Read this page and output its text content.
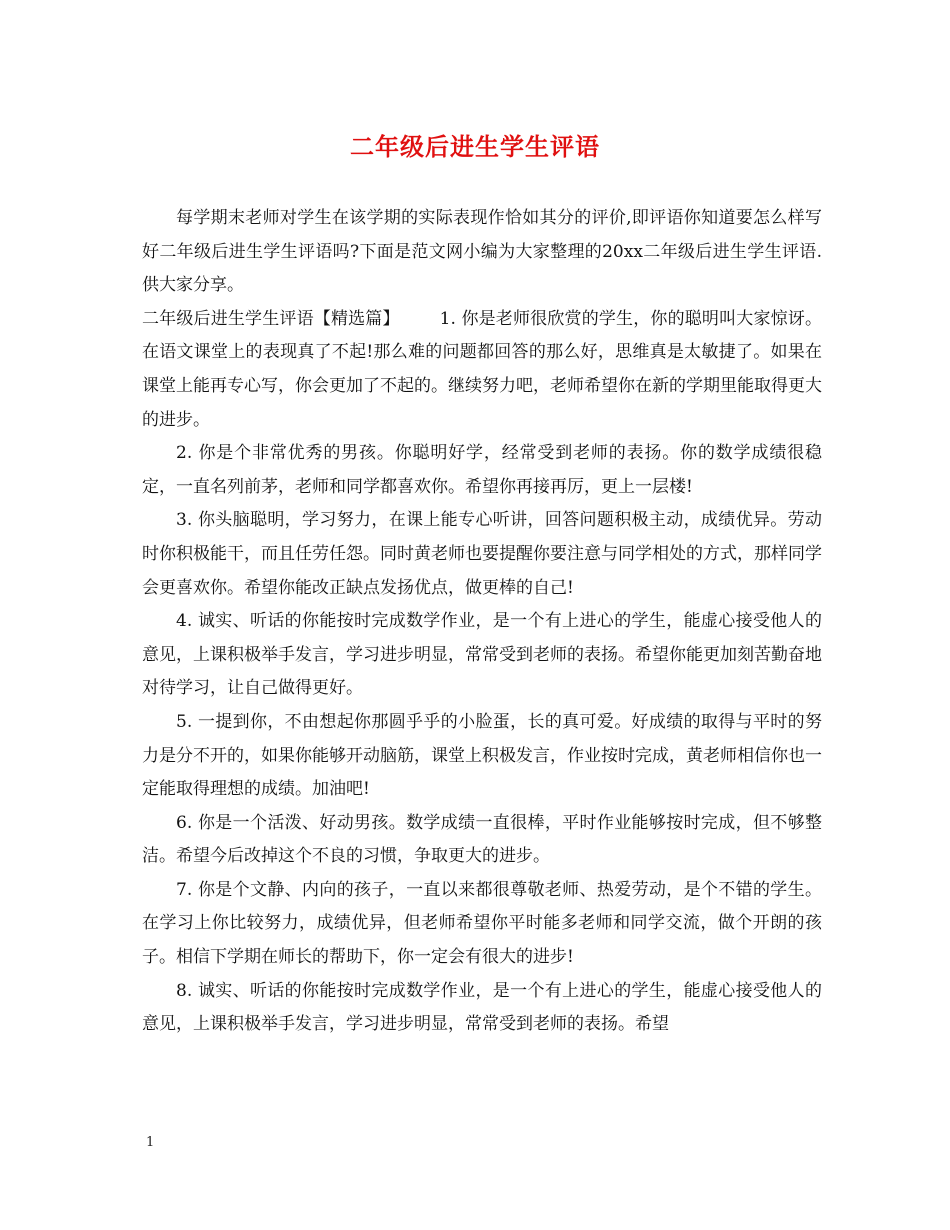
二年级后进生学生评语

每学期末老师对学生在该学期的实际表现作恰如其分的评价,即评语你知道要怎么样写好二年级后进生学生评语吗?下面是范文网小编为大家整理的20xx二年级后进生学生评语.供大家分享。

二年级后进生学生评语【精选篇】 1. 你是老师很欣赏的学生，你的聪明叫大家惊讶。在语文课堂上的表现真了不起!那么难的问题都回答的那么好，思维真是太敏捷了。如果在课堂上能再专心写，你会更加了不起的。继续努力吧，老师希望你在新的学期里能取得更大的进步。

2. 你是个非常优秀的男孩。你聪明好学，经常受到老师的表扬。你的数学成绩很稳定，一直名列前茅，老师和同学都喜欢你。希望你再接再厉，更上一层楼!

3. 你头脑聪明，学习努力，在课上能专心听讲，回答问题积极主动，成绩优异。劳动时你积极能干，而且任劳任怨。同时黄老师也要提醒你要注意与同学相处的方式，那样同学会更喜欢你。希望你能改正缺点发扬优点，做更棒的自己!

4. 诚实、听话的你能按时完成数学作业，是一个有上进心的学生，能虚心接受他人的意见，上课积极举手发言，学习进步明显，常常受到老师的表扬。希望你能更加刻苦勤奋地对待学习，让自己做得更好。

5. 一提到你，不由想起你那圆乎乎的小脸蛋，长的真可爱。好成绩的取得与平时的努力是分不开的，如果你能够开动脑筋，课堂上积极发言，作业按时完成，黄老师相信你也一定能取得理想的成绩。加油吧!

6. 你是一个活泼、好动男孩。数学成绩一直很棒，平时作业能够按时完成，但不够整洁。希望今后改掉这个不良的习惯，争取更大的进步。

7. 你是个文静、内向的孩子，一直以来都很尊敬老师、热爱劳动，是个不错的学生。在学习上你比较努力，成绩优异，但老师希望你平时能多老师和同学交流，做个开朗的孩子。相信下学期在师长的帮助下，你一定会有很大的进步!

8. 诚实、听话的你能按时完成数学作业，是一个有上进心的学生，能虚心接受他人的意见，上课积极举手发言，学习进步明显，常常受到老师的表扬。希望

1
